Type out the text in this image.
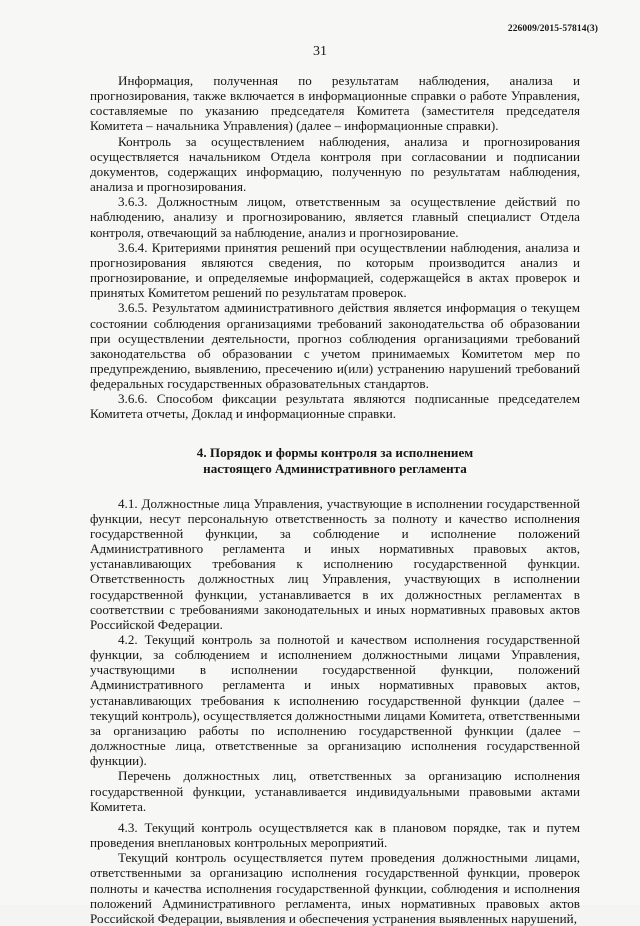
226009/2015-57814(3)
31

Информация, полученная по результатам наблюдения, анализа и прогнозирования, также включается в информационные справки о работе Управления, составляемые по указанию председателя Комитета (заместителя председателя Комитета – начальника Управления) (далее – информационные справки).

Контроль за осуществлением наблюдения, анализа и прогнозирования осуществляется начальником Отдела контроля при согласовании и подписании документов, содержащих информацию, полученную по результатам наблюдения, анализа и прогнозирования.

3.6.3. Должностным лицом, ответственным за осуществление действий по наблюдению, анализу и прогнозированию, является главный специалист Отдела контроля, отвечающий за наблюдение, анализ и прогнозирование.

3.6.4. Критериями принятия решений при осуществлении наблюдения, анализа и прогнозирования являются сведения, по которым производится анализ и прогнозирование, и определяемые информацией, содержащейся в актах проверок и принятых Комитетом решений по результатам проверок.

3.6.5. Результатом административного действия является информация о текущем состоянии соблюдения организациями требований законодательства об образовании при осуществлении деятельности, прогноз соблюдения организациями требований законодательства об образовании с учетом принимаемых Комитетом мер по предупреждению, выявлению, пресечению и(или) устранению нарушений требований федеральных государственных образовательных стандартов.

3.6.6. Способом фиксации результата являются подписанные председателем Комитета отчеты, Доклад и информационные справки.

4. Порядок и формы контроля за исполнением
настоящего Административного регламента

4.1. Должностные лица Управления, участвующие в исполнении государственной функции, несут персональную ответственность за полноту и качество исполнения государственной функции, за соблюдение и исполнение положений Административного регламента и иных нормативных правовых актов, устанавливающих требования к исполнению государственной функции. Ответственность должностных лиц Управления, участвующих в исполнении государственной функции, устанавливается в их должностных регламентах в соответствии с требованиями законодательных и иных нормативных правовых актов Российской Федерации.

4.2. Текущий контроль за полнотой и качеством исполнения государственной функции, за соблюдением и исполнением должностными лицами Управления, участвующими в исполнении государственной функции, положений Административного регламента и иных нормативных правовых актов, устанавливающих требования к исполнению государственной функции (далее – текущий контроль), осуществляется должностными лицами Комитета, ответственными за организацию работы по исполнению государственной функции (далее – должностные лица, ответственные за организацию исполнения государственной функции).

Перечень должностных лиц, ответственных за организацию исполнения государственной функции, устанавливается индивидуальными правовыми актами Комитета.

4.3. Текущий контроль осуществляется как в плановом порядке, так и путем проведения внеплановых контрольных мероприятий.

Текущий контроль осуществляется путем проведения должностными лицами, ответственными за организацию исполнения государственной функции, проверок полноты и качества исполнения государственной функции, соблюдения и исполнения положений Административного регламента, иных нормативных правовых актов Российской Федерации, выявления и обеспечения устранения выявленных нарушений,
